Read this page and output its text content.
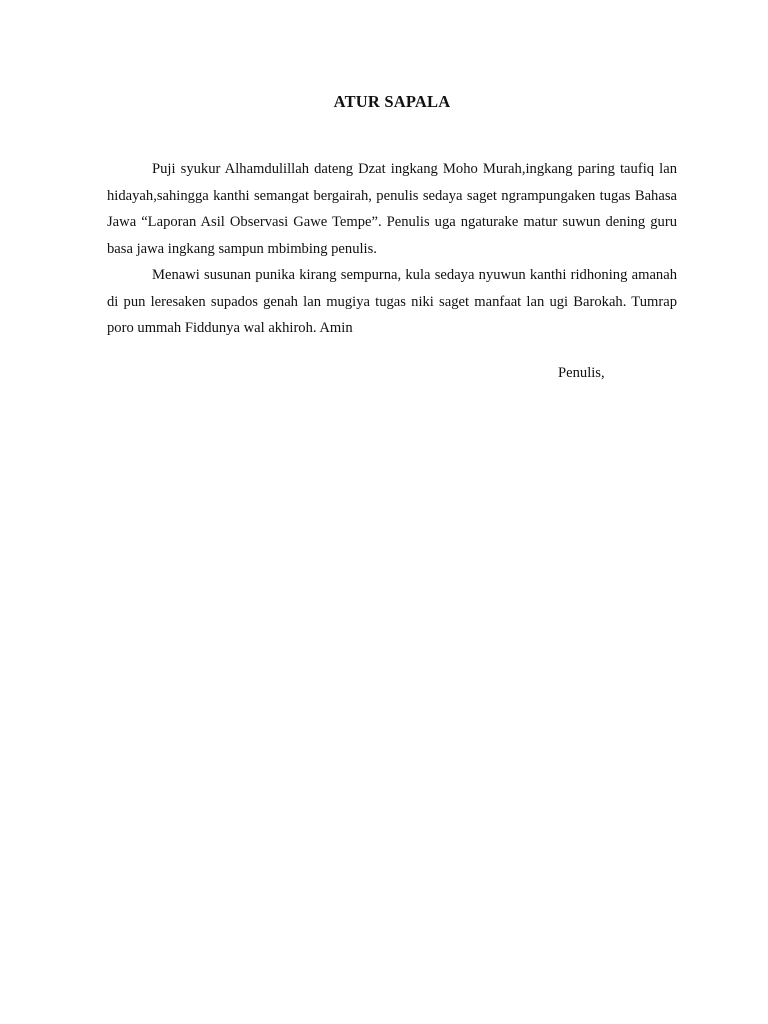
ATUR SAPALA

Puji syukur Alhamdulillah dateng Dzat ingkang Moho Murah,ingkang paring taufiq lan hidayah,sahingga kanthi semangat bergairah, penulis sedaya saget ngrampungaken tugas Bahasa Jawa “Laporan Asil Observasi Gawe Tempe”. Penulis uga ngaturake matur suwun dening guru basa jawa ingkang sampun mbimbing penulis.

Menawi susunan punika kirang sempurna, kula sedaya nyuwun kanthi ridhoning amanah di pun leresaken supados genah lan mugiya tugas niki saget manfaat lan ugi Barokah. Tumrap poro ummah Fiddunya wal akhiroh. Amin

Penulis,
